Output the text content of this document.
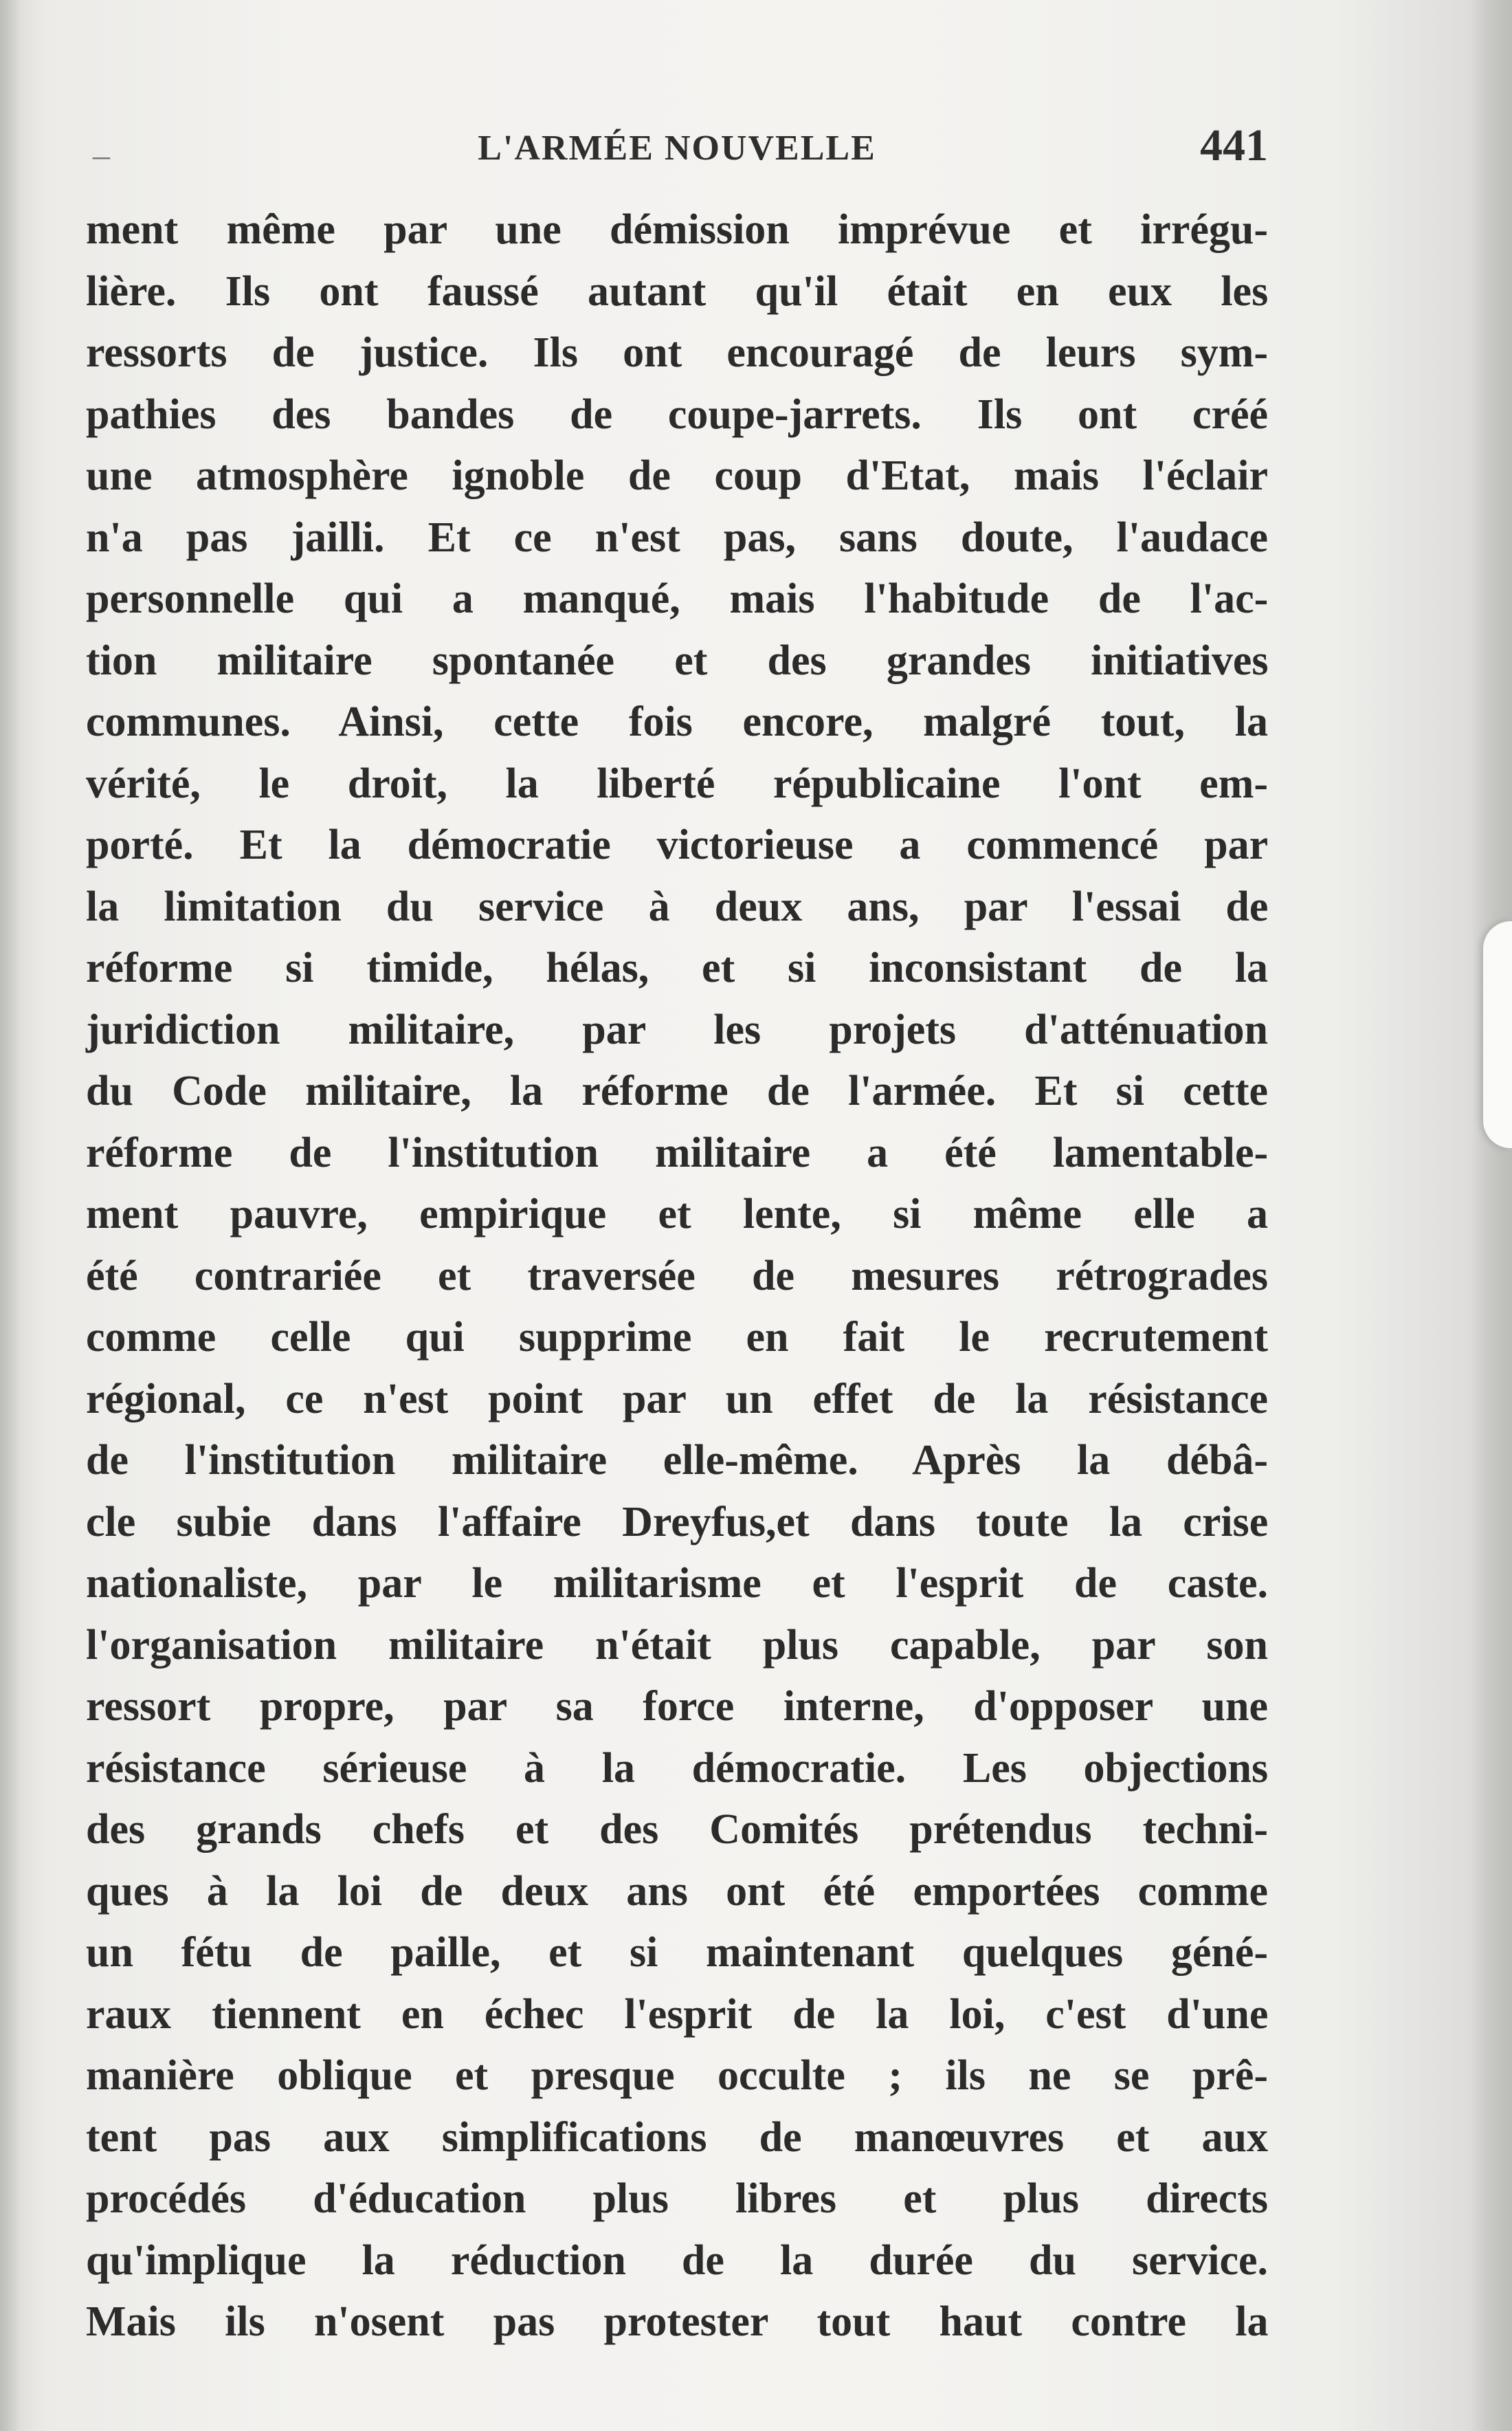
–	L'ARMÉE NOUVELLE	441
ment même par une démission imprévue et irrégu-
lière. Ils ont faussé autant qu'il était en eux les
ressorts de justice. Ils ont encouragé de leurs sym-
pathies des bandes de coupe-jarrets. Ils ont créé
une atmosphère ignoble de coup d'Etat, mais l'éclair
n'a pas jailli. Et ce n'est pas, sans doute, l'audace
personnelle qui a manqué, mais l'habitude de l'ac-
tion militaire spontanée et des grandes initiatives
communes. Ainsi, cette fois encore, malgré tout, la
vérité, le droit, la liberté républicaine l'ont em-
porté. Et la démocratie victorieuse a commencé par
la limitation du service à deux ans, par l'essai de
réforme si timide, hélas, et si inconsistant de la
juridiction militaire, par les projets d'atténuation
du Code militaire, la réforme de l'armée. Et si cette
réforme de l'institution militaire a été lamentable-
ment pauvre, empirique et lente, si même elle a
été contrariée et traversée de mesures rétrogrades
comme celle qui supprime en fait le recrutement
régional, ce n'est point par un effet de la résistance
de l'institution militaire elle-même. Après la débâ-
cle subie dans l'affaire Dreyfus,et dans toute la crise
nationaliste, par le militarisme et l'esprit de caste.
l'organisation militaire n'était plus capable, par son
ressort propre, par sa force interne, d'opposer une
résistance sérieuse à la démocratie. Les objections
des grands chefs et des Comités prétendus techni-
ques à la loi de deux ans ont été emportées comme
un fétu de paille, et si maintenant quelques géné-
raux tiennent en échec l'esprit de la loi, c'est d'une
manière oblique et presque occulte ; ils ne se prê-
tent pas aux simplifications de manœuvres et aux
procédés d'éducation plus libres et plus directs
qu'implique la réduction de la durée du service.
Mais ils n'osent pas protester tout haut contre la
